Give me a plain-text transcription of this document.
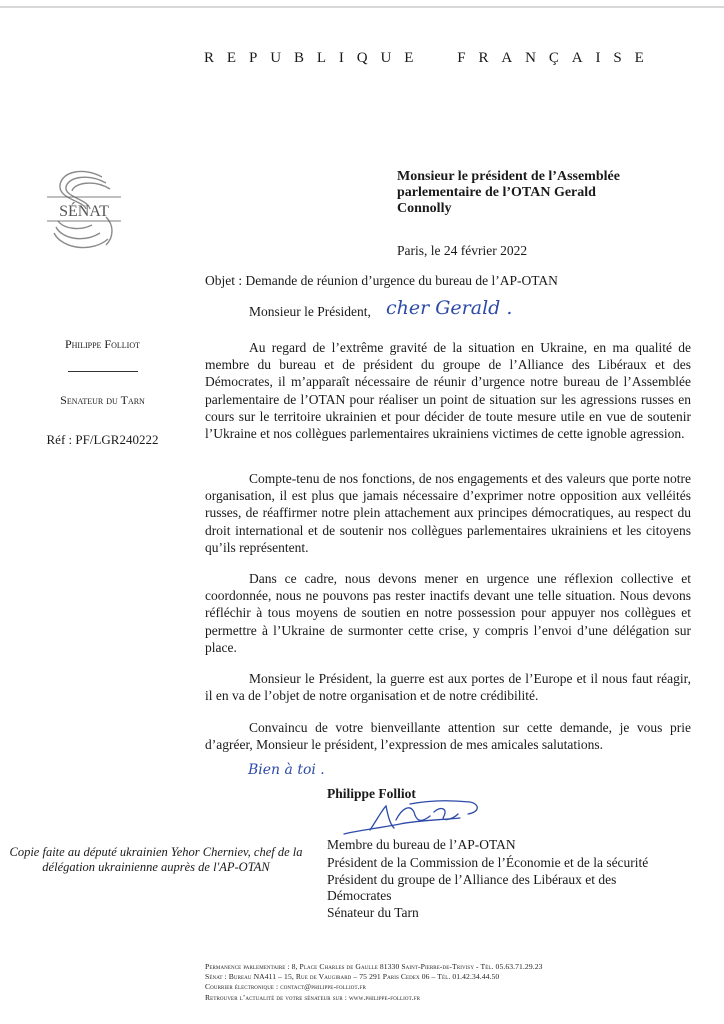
R E P U B L I Q U E	F R A N Ç A I S E
SÉNAT
Philippe Folliot
Senateur du Tarn
Réf : PF/LGR240222
Monsieur le président de l’Assemblée
parlementaire de l’OTAN Gerald
Connolly
Paris, le 24 février 2022
Objet : Demande de réunion d’urgence du bureau de l’AP-OTAN
Monsieur le Président, cher Gerald .

Au regard de l’extrême gravité de la situation en Ukraine, en ma qualité de membre du bureau et de président du groupe de l’Alliance des Libéraux et des Démocrates, il m’apparaît nécessaire de réunir d’urgence notre bureau de l’Assemblée parlementaire de l’OTAN pour réaliser un point de situation sur les agressions russes en cours sur le territoire ukrainien et pour décider de toute mesure utile en vue de soutenir l’Ukraine et nos collègues parlementaires ukrainiens victimes de cette ignoble agression.

Compte-tenu de nos fonctions, de nos engagements et des valeurs que porte notre organisation, il est plus que jamais nécessaire d’exprimer notre opposition aux velléités russes, de réaffirmer notre plein attachement aux principes démocratiques, au respect du droit international et de soutenir nos collègues parlementaires ukrainiens et les citoyens qu’ils représentent.

Dans ce cadre, nous devons mener en urgence une réflexion collective et coordonnée, nous ne pouvons pas rester inactifs devant une telle situation. Nous devons réfléchir à tous moyens de soutien en notre possession pour appuyer nos collègues et permettre à l’Ukraine de surmonter cette crise, y compris l’envoi d’une délégation sur place.

Monsieur le Président, la guerre est aux portes de l’Europe et il nous faut réagir, il en va de l’objet de notre organisation et de notre crédibilité.

Convaincu de votre bienveillante attention sur cette demande, je vous prie d’agréer, Monsieur le président, l’expression de mes amicales salutations.

Bien à toi .
Philippe Folliot
Membre du bureau de l’AP-OTAN
Président de la Commission de l’Économie et de la sécurité
Président du groupe de l’Alliance des Libéraux et des Démocrates
Sénateur du Tarn
Copie faite au député ukrainien Yehor Cherniev, chef de la délégation ukrainienne auprès de l'AP-OTAN
Permanence parlementaire : 8, Place Charles de Gaulle 81330 Saint-Pierre-de-Trivisy - Tél. 05.63.71.29.23
Sénat : Bureau NA411 – 15, Rue de Vaugirard – 75 291 Paris Cedex 06 – Tél. 01.42.34.44.50
Courrier électronique : contact@philippe-folliot.fr
Retrouver l’actualité de votre sénateur sur : www.philippe-folliot.fr
